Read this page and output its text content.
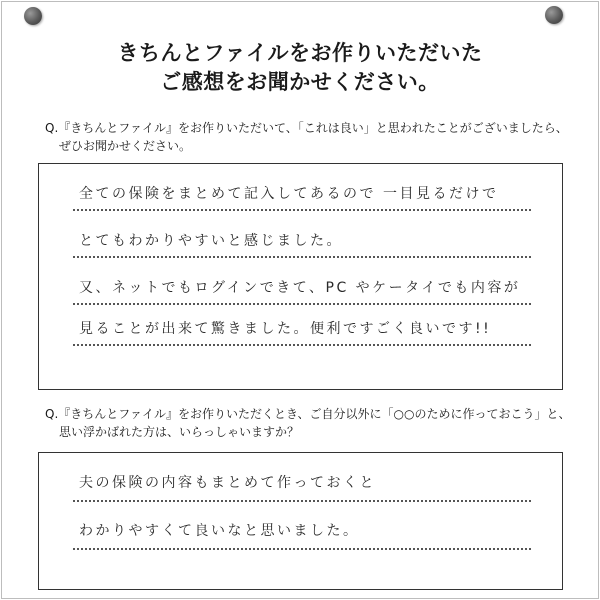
きちんとファイルをお作りいただいた
ご感想をお聞かせください。
Q.『きちんとファイル』をお作りいただいて、「これは良い」と思われたことがございましたら、
ぜひお聞かせください。
全ての保険をまとめて記入してあるので 一目見るだけで
とてもわかりやすいと感じました。
又、ネットでもログインできて、PC やケータイでも内容が
見ることが出来て驚きました。便利ですごく良いです!!
Q.『きちんとファイル』をお作りいただくとき、ご自分以外に「○○のために作っておこう」と、
思い浮かばれた方は、いらっしゃいますか？
夫の保険の内容もまとめて作っておくと
わかりやすくて良いなと思いました。
